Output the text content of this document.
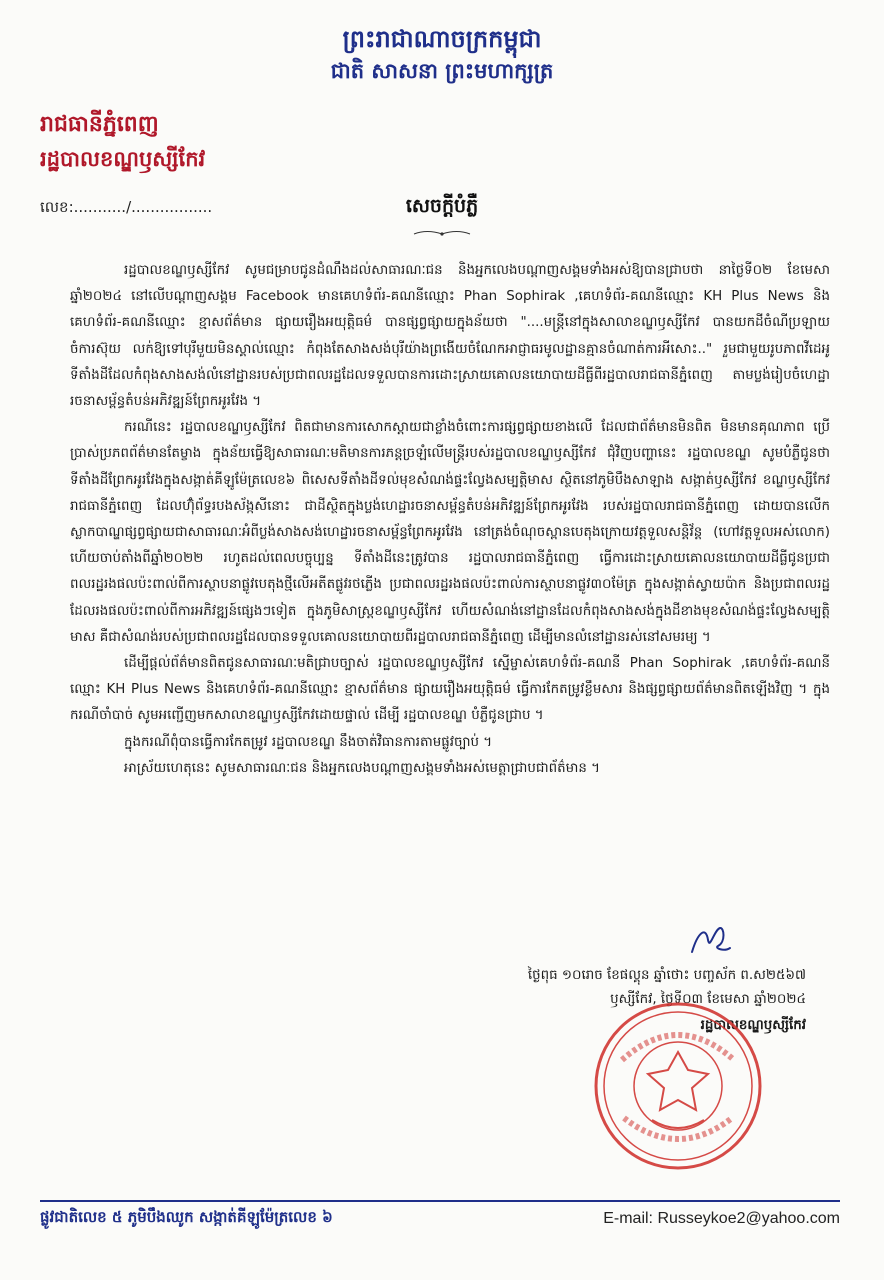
ព្រះរាជាណាចក្រកម្ពុជា
ជាតិ សាសនា ព្រះមហាក្សត្រ
រាជធានីភ្នំពេញ
រដ្ឋបាលខណ្ឌឫស្សីកែវ
លេខ:.........../.................	សេចក្តីបំភ្លឺ

រដ្ឋបាលខណ្ឌឫស្សីកែវ សូមជម្រាបជូនដំណឹងដល់សាធារណៈជន និងអ្នកលេងបណ្តាញសង្គមទាំងអស់ឱ្យបានជ្រាបថា នាថ្ងៃទី០២ ខែមេសា ឆ្នាំ២០២៤ នៅលើបណ្តាញសង្គម Facebook មានគេហទំព័រ-គណនីឈ្មោះ Phan Sophirak ,គេហទំព័រ-គណនីឈ្មោះ KH Plus News និងគេហទំព័រ-គណនីឈ្មោះ ខ្មាសព័ត៌មាន ផ្សាយរឿងអយុត្តិធម៌ បានផ្សព្វផ្សាយក្នុងន័យថា "....មន្ត្រីនៅក្នុងសាលាខណ្ឌឫស្សីកែវ បានយកដីចំណីប្រឡាយចំការស៊ុយ លក់ឱ្យទៅបុរីមួយមិនស្គាល់ឈ្មោះ កំពុងតែសាងសង់បុរីយ៉ាងព្រងើយចំណែកអាជ្ញាធរមូលដ្ឋានគ្មានចំណាត់ការអីសោះ.." រួមជាមួយរូបភាពវីដេអូ ទីតាំងដីដែលកំពុងសាងសង់លំនៅដ្ឋានរបស់ប្រជាពលរដ្ឋដែលទទួលបានការដោះស្រាយគោលនយោបាយដីធ្លីពីរដ្ឋបាលរាជធានីភ្នំពេញ តាមប្លង់រៀបចំហេដ្ឋារចនាសម្ព័ន្ធតំបន់អភិវឌ្ឍន៍ព្រែកអូរវែង ។

ករណីនេះ រដ្ឋបាលខណ្ឌឫស្សីកែវ ពិតជាមានការសោកស្តាយជាខ្លាំងចំពោះការផ្សព្វផ្សាយខាងលើ ដែលជាព័ត៌មានមិនពិត មិនមានគុណភាព ប្រើប្រាស់ប្រភពព័ត៌មានតែម្ខាង ក្នុងន័យធ្វើឱ្យសាធារណៈមតិមានការភន្តច្រឡំលើមន្ត្រីរបស់រដ្ឋបាលខណ្ឌឫស្សីកែវ ជុំវិញបញ្ហានេះ រដ្ឋបាលខណ្ឌ សូមបំភ្លឺជូនថា ទីតាំងដីព្រែកអូរវែងក្នុងសង្កាត់គីឡូម៉ែត្រលេខ៦ ពិសេសទីតាំងដីទល់មុខសំណង់ផ្ទះល្វែងសម្បត្តិមាស ស្ថិតនៅភូមិបឹងសាឡាង សង្កាត់ឫស្សីកែវ ខណ្ឌឫស្សីកែវ រាជធានីភ្នំពេញ ដែលហ៊ុំព័ទ្ធរបងស័ង្កសីនោះ ជាដីស្ថិតក្នុងប្លង់ហេដ្ឋារចនាសម្ព័ន្ធតំបន់អភិវឌ្ឍន៍ព្រែកអូរវែង របស់រដ្ឋបាលរាជធានីភ្នំពេញ ដោយបានលើកស្លាកបាណ្ឌផ្សព្វផ្សាយជាសាធារណៈអំពីប្លង់សាងសង់ហេដ្ឋារចនាសម្ព័ន្ធព្រែកអូរវែង នៅត្រង់ចំណុចស្ពានបេតុងក្រោយវត្តទួលសន្តិវ័ន្ត (ហៅវត្តទួលអស់លោក) ហើយចាប់តាំងពីឆ្នាំ២០២២ រហូតដល់ពេលបច្ចុប្បន្ន ទីតាំងដីនេះត្រូវបាន រដ្ឋបាលរាជធានីភ្នំពេញ ធ្វើការដោះស្រាយគោលនយោបាយដីធ្លីជូនប្រជាពលរដ្ឋរងផលប៉ះពាល់ពីការស្ថាបនាផ្លូវបេតុងថ្មីលើអតីតផ្លូវរថភ្លើង ប្រជាពលរដ្ឋរងផលប៉ះពាល់ការស្ថាបនាផ្លូវ៣០ម៉ែត្រ ក្នុងសង្កាត់ស្វាយប៉ាក និងប្រជាពលរដ្ឋដែលរងផលប៉ះពាល់ពីការអភិវឌ្ឍន៍ផ្សេងៗទៀត ក្នុងភូមិសាស្ត្រខណ្ឌឫស្សីកែវ ហើយសំណង់នៅដ្ឋានដែលកំពុងសាងសង់ក្នុងដីខាងមុខសំណង់ផ្ទះល្វែងសម្បត្តិមាស គឺជាសំណង់របស់ប្រជាពលរដ្ឋដែលបានទទួលគោលនយោបាយពីរដ្ឋបាលរាជធានីភ្នំពេញ ដើម្បីមានលំនៅដ្ឋានរស់នៅសមរម្យ ។

ដើម្បីផ្តល់ព័ត៌មានពិតជូនសាធារណៈមតិជ្រាបច្បាស់ រដ្ឋបាលខណ្ឌឫស្សីកែវ ស្នើម្ចាស់គេហទំព័រ-គណនី Phan Sophirak ,គេហទំព័រ-គណនីឈ្មោះ KH Plus News និងគេហទំព័រ-គណនីឈ្មោះ ខ្មាសព័ត៌មាន ផ្សាយរឿងអយុត្តិធម៌ ធ្វើការកែតម្រូវខ្លឹមសារ និងផ្សព្វផ្សាយព័ត៌មានពិតឡើងវិញ ។ ក្នុងករណីចាំបាច់ សូមអញ្ជើញមកសាលាខណ្ឌឫស្សីកែវដោយផ្ទាល់ ដើម្បី រដ្ឋបាលខណ្ឌ បំភ្លឺជូនជ្រាប ។

ក្នុងករណីពុំបានធ្វើការកែតម្រូវ រដ្ឋបាលខណ្ឌ នឹងចាត់វិធានការតាមផ្លូវច្បាប់ ។

អាស្រ័យហេតុនេះ សូមសាធារណៈជន និងអ្នកលេងបណ្តាញសង្គមទាំងអស់មេត្តាជ្រាបជាព័ត៌មាន ។

ថ្ងៃពុធ ១០រោច ខែផល្គុន ឆ្នាំថោះ បញ្ចស័ក ព.ស២៥៦៧
ឫស្សីកែវ, ថ្ងៃទី០៣ ខែមេសា ឆ្នាំ២០២៤
រដ្ឋបាលខណ្ឌឫស្សីកែវ
ផ្លូវជាតិលេខ ៥ ភូមិបឹងឈូក សង្កាត់គីឡូម៉ែត្រលេខ ៦	E-mail: Russeykoe2@yahoo.com
